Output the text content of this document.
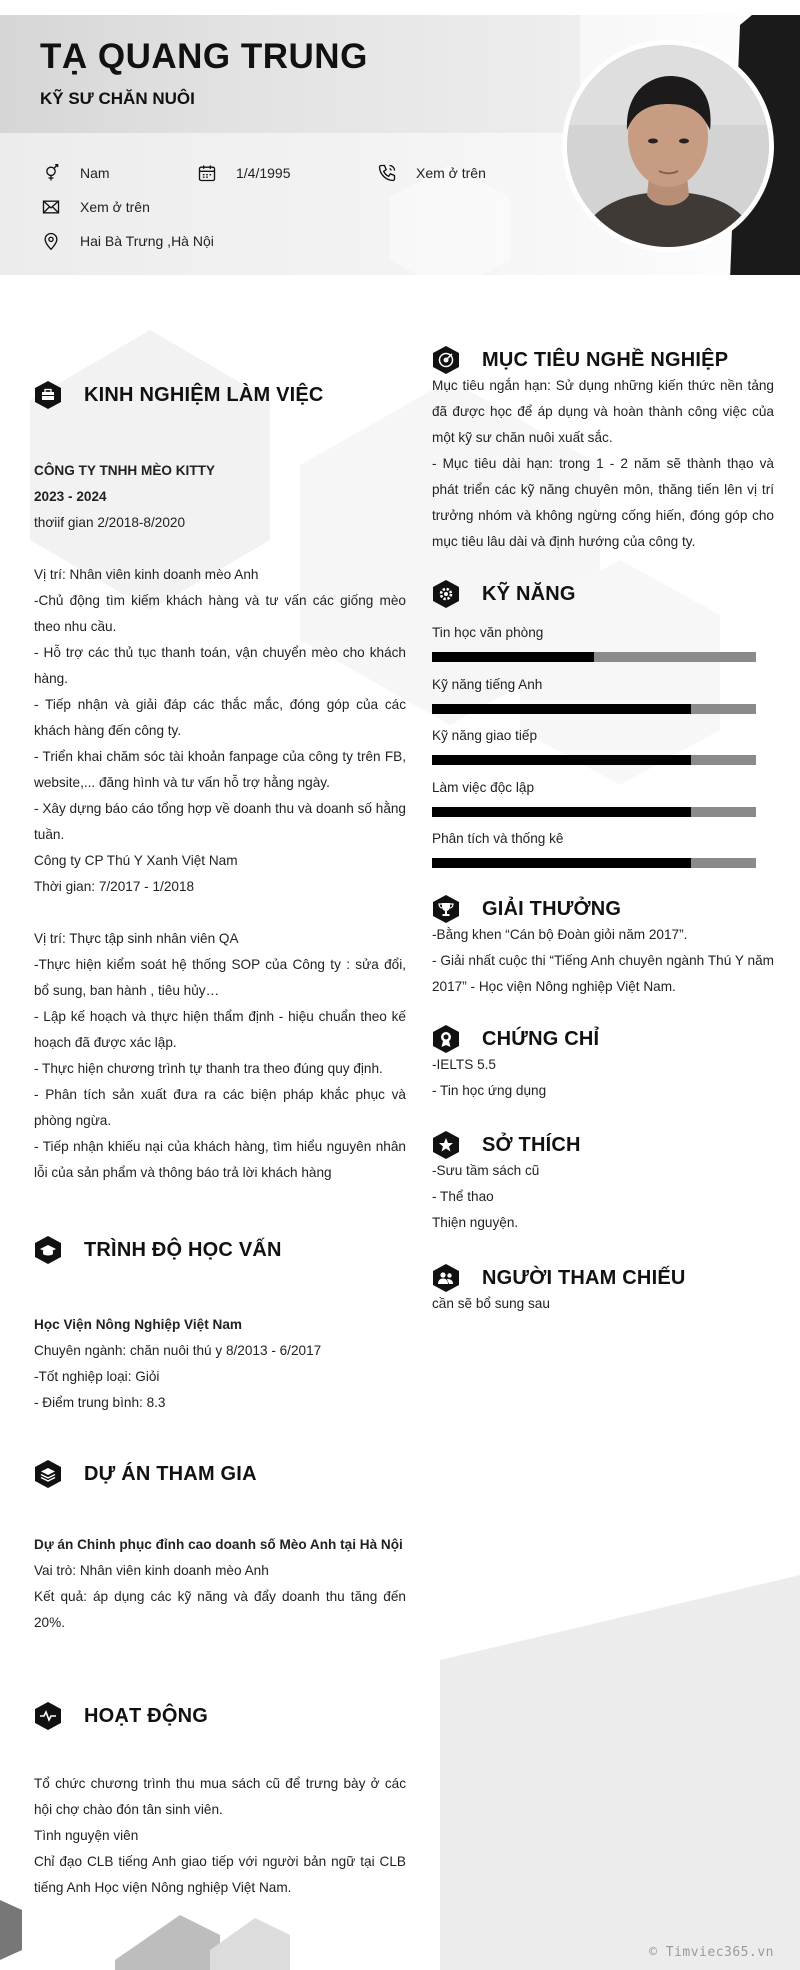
TẠ QUANG TRUNG
KỸ SƯ CHĂN NUÔI
Nam	1/4/1995	Xem ở trên
Xem ở trên
Hai Bà Trưng ,Hà Nội
KINH NGHIỆM LÀM VIỆC

CÔNG TY TNHH MÈO KITTY

2023 - 2024

thơiif gian 2/2018-8/2020

Vị trí: Nhân viên kinh doanh mèo Anh

-Chủ động tìm kiếm khách hàng và tư vấn các giống mèo theo nhu cầu.

- Hỗ trợ các thủ tục thanh toán, vận chuyển mèo cho khách hàng.

- Tiếp nhận và giải đáp các thắc mắc, đóng góp của các khách hàng đến công ty.

- Triển khai chăm sóc tài khoản fanpage của công ty trên FB, website,... đăng hình và tư vấn hỗ trợ hằng ngày.

- Xây dựng báo cáo tổng hợp về doanh thu và doanh số hằng tuần.

Công ty CP Thú Y Xanh Việt Nam

Thời gian: 7/2017 - 1/2018

Vị trí: Thực tập sinh nhân viên QA

-Thực hiện kiểm soát hệ thống SOP của Công ty : sửa đổi, bổ sung, ban hành , tiêu hủy…

- Lập kế hoạch và thực hiện thẩm định - hiệu chuẩn theo kế hoạch đã được xác lập.

- Thực hiện chương trình tự thanh tra theo đúng quy định.

- Phân tích sản xuất đưa ra các biện pháp khắc phục và phòng ngừa.

- Tiếp nhận khiếu nại của khách hàng, tìm hiểu nguyên nhân lỗi của sản phẩm và thông báo trả lời khách hàng

TRÌNH ĐỘ HỌC VẤN

Học Viện Nông Nghiệp Việt Nam

Chuyên ngành: chăn nuôi thú y 8/2013 - 6/2017

-Tốt nghiệp loại: Giỏi

- Điểm trung bình: 8.3

DỰ ÁN THAM GIA

Dự án Chinh phục đỉnh cao doanh số Mèo Anh tại Hà Nội

Vai trò: Nhân viên kinh doanh mèo Anh

Kết quả: áp dụng các kỹ năng và đẩy doanh thu tăng đến 20%.

HOẠT ĐỘNG

Tổ chức chương trình thu mua sách cũ để trưng bày ở các hội chợ chào đón tân sinh viên.

Tình nguyện viên

Chỉ đạo CLB tiếng Anh giao tiếp với người bản ngữ tại CLB tiếng Anh Học viện Nông nghiệp Việt Nam.

MỤC TIÊU NGHỀ NGHIỆP

Mục tiêu ngắn hạn: Sử dụng những kiến thức nền tảng đã được học để áp dụng và hoàn thành công việc của một kỹ sư chăn nuôi xuất sắc.

- Mục tiêu dài hạn: trong 1 - 2 năm sẽ thành thạo và phát triển các kỹ năng chuyên môn, thăng tiến lên vị trí trưởng nhóm và không ngừng cống hiến, đóng góp cho mục tiêu lâu dài và định hướng của công ty.

KỸ NĂNG
Tin học văn phòng
Kỹ năng tiếng Anh
Kỹ năng giao tiếp
Làm việc độc lập
Phân tích và thống kê
GIẢI THƯỞNG

-Bằng khen “Cán bộ Đoàn giỏi năm 2017”.

- Giải nhất cuộc thi “Tiếng Anh chuyên ngành Thú Y năm 2017” - Học viện Nông nghiệp Việt Nam.

CHỨNG CHỈ

-IELTS 5.5

- Tin học ứng dụng

SỞ THÍCH

-Sưu tầm sách cũ

- Thể thao

Thiện nguyện.

NGƯỜI THAM CHIẾU

cần sẽ bổ sung sau

© Timviec365.vn
